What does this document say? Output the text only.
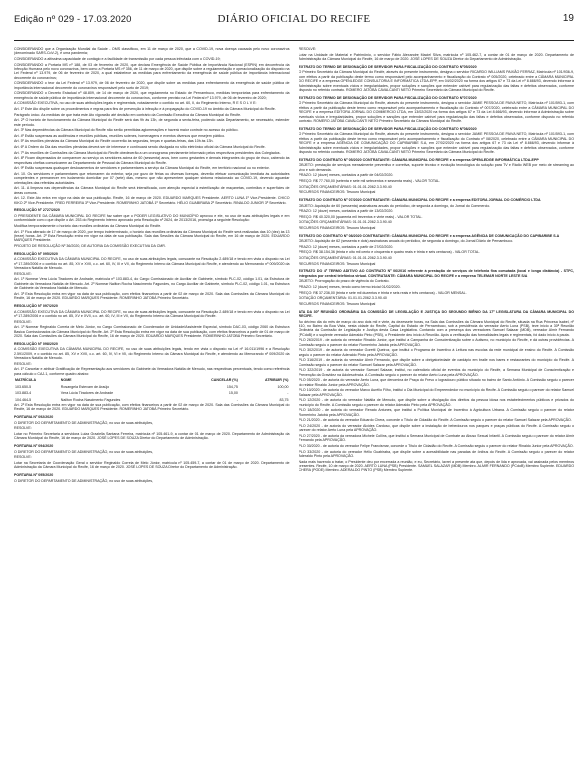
Edição nº 029 - 17.03.2020	DIÁRIO OFICIAL DO RECIFE	19

CONSIDERANDO que a Organização Mundial da Saúde - OMS classificou, em 11 de março de 2020, que a COVID-19, nova doença causada pelo novo coronavírus (denominado SARS-CoV-2), é uma pandemia;

CONSIDERANDO a altíssima capacidade de contágio e a facilidade de transmissão por cada pessoa infectada com o COVID-19;

CONSIDERANDO a Portaria MS nº 188, de 03 de fevereiro de 2020, que declara Emergência de Saúde Pública de Importância Nacional (ESPIN) em decorrência da Infecção Humana pelo novo coronavírus, bem como a Portaria MS nº 356, de 11 de março de 2020, que dispõe sobre a regulamentação e operacionalização do disposto na Lei Federal nº 13.979, de 06 de fevereiro de 2020, a qual estabelece as medidas para enfrentamento da emergência de saúde pública de importância internacional decorrente do coronavírus;

CONSIDERANDO o teor da Lei Federal nº 13.979, de 06 de fevereiro de 2020, que dispõe sobre as medidas para enfrentamento da emergência de saúde pública de importância internacional decorrente do coronavírus responsável pelo surto de 2019;

CONSIDERANDO o Decreto Estadual nº 48.809, de 14 de março de 2020, que regulamenta no Estado de Pernambuco, medidas temporárias para enfrentamento da emergência de saúde pública de importância internacional decorrente do coronavírus, conforme previsto na Lei Federal nº 13.979, de 06 de fevereiro de 2020;

A COMISSÃO EXECUTIVA, no uso de suas atribuições legais e regimentais, notadamente o contido no art. 60, II, do Regimento Interno, R E S O L V E:

Art. 1º Este Ato dispõe sobre os procedimentos e regras para fins de prevenção à infecção e à propagação do COVID-19 no âmbito da Câmara Municipal do Recife.

Parágrafo único. As medidas de que trata este Ato vigorarão até decisão em contrário da Comissão Executiva da Câmara Municipal do Recife.

Art. 2º O horário de funcionamento da Câmara Municipal do Recife será das 9h às 13h, de segunda a sexta-feira, podendo cada Departamento, se necessário, estender este período.

Art. 3º Nas dependências da Câmara Municipal do Recife não serão permitidas aglomerações e haverá maior controle no acesso do público.

Art. 4º Estão suspensas as audiências e reuniões públicas, reuniões solenes, homenagens e eventos diversos que ensejem público.

Art. 5º As reuniões plenárias da Câmara Municipal do Recife ocorrerão às segundas, terças e quartas-feiras, das 10h às 13h.

Art. 6º A Ordem do Dia das reuniões plenárias deverá ser de interesse e contínuará sendo divulgada no sítio eletrônico oficial da Câmara Municipal do Recife.

Art. 7º As reuniões de Comissões da Câmara Municipal do Recife obedecerão a um cronograma previamente informado pelos respectivos presidentes dos Colegiados.

Art. 8º Ficam dispensados de comparecer ao serviço os servidores acima de 60 (sessenta) anos, bem como gestantes e demais integrantes do grupo de risco, cabendo às respectivas chefias comunicarem ao Departamento de Pessoal da Câmara Municipal do Recife.

Art. 9º Estão suspensas quaisquer deslocamentos de servidores e parlamentares a serviço da Câmara Municipal do Recife, em território nacional ou no exterior.

Art. 10. Os servidores e parlamentares que retornarem do exterior, seja por gozo de férias ou diversas licenças, deverão efetuar comunicação imediata às autoridades competentes e permanecer em isolamento domiciliar por 07 (sete) dias, mesmo que não apresentem qualquer sintoma relacionado ao COVID-19, devendo aguardar orientações das referidas autoridades.

Art. 11. A limpeza nas dependências da Câmara Municipal do Recife será intensificada, com atenção especial à esterilização de maçanetas, corrimãos e superfícies de áreas comuns.

Art. 12. Este Ato entra em vigor na data de sua publicação. Recife, 16 de março de 2020. EDUARDO MARQUES Presidente. AERTO LUNA 1º Vice-Presidente. CHICO KIKO 2º Vice-Presidente. FRED FERREIRA 3º Vice-Presidente. ROMERINHO JATOBÁ 1º Secretário. HÉLIO GUABIRABA 2º Secretário. RINALDO JUNIOR 3º Secretário.

RESOLUÇÃO Nº 2727/2020

O PRESIDENTE DA CÂMARA MUNICIPAL DO RECIFE faz saber que o PODER LEGISLATIVO DO MUNICÍPIO aprovou e ele, no uso de suas atribuições legais e em conformidade com o que dispõe o Art. 253 do Regimento Interno aprovado pela Resolução nº 2624, de 2013/2016, promulga a seguinte Resolução:

Modifica temporariamente o horário das reuniões ordinárias da Câmara Municipal do Recife.

Art. 1º Fica alterado de 17 de março de 2020, por tempo indeterminado, o horário das reuniões ordinárias da Câmara Municipal do Recife será realizadas das 10 (dez) às 13 (treze) horas. Art. 2º Esta Resolução entra em vigor na data de sua publicação. Sala das Sessões da Câmara Municipal do Recife, em 16 de março de 2020. EDUARDO MARQUES Presidente.

PROJETO DE RESOLUÇÃO Nº 36/2020, DE AUTORIA DA COMISSÃO EXECUTIVA DA CMR.

RESOLUÇÃO Nº 095/2020

A COMISSÃO EXECUTIVA DA CÂMARA MUNICIPAL DO RECIFE, no uso de suas atribuições legais, consoante na Resolução 2.489/18 e tendo em vista o disposto na Lei nº 17.289/2006 e o contido no art. 85, XV e XVII, c.c. art. 60, IV, III e VII, do Regimento Interno da Câmara Municipal do Recife, e atendendo ao Memorando nº 009/2020 da Vereadora Natália de Menudo.

RESOLVE:

Art. 1º Nomear Vera Lúcia Tiradores de Andrade, matrícula nº 103.883-4, do Cargo Comissionado de Auxiliar de Gabinete, símbolo PLC-02, código 1.01, da Estrutura de Gabinete da Vereadora Natália de Menudo. Art. 2º Nomear Nailton Rocha Nascimento Fagundes, no Cargo Auxiliar de Gabinete, símbolo PLC-02, código 1.01, na Estrutura de Gabinete da Vereadora Natália de Menudo.

Art. 3º Esta Resolução entra em vigor na data de sua publicação, com efeitos financeiros a partir de 02 de março de 2020. Sala das Comissões da Câmara Municipal do Recife, 16 de março de 2020. EDUARDO MARQUES Presidente. ROMERINHO JATOBÁ Primeiro Secretário.

RESOLUÇÃO Nº 097/2020

A COMISSÃO EXECUTIVA DA CÂMARA MUNICIPAL DO RECIFE, no uso de suas atribuições legais, consoante na Resolução 2.489/18 e tendo em vista o disposto na Lei nº 17.289/2006 e o contido no art. 85, XV e XVII, c.c. art. 60, IV, III e VII, do Regimento Interno da Câmara Municipal do Recife.

RESOLVE:

Art. 1º Nomear Reginaldo Correia de Melo Júnior, no Cargo Comissionado de Coordenador de Unidade/Assistente Especial, símbolo DAC-03, código 2060 da Estrutura Basica Comissionados da Câmara Municipal do Recife. Art. 2º Esta Resolução entra em vigor na data de sua publicação, com efeitos financeiros a partir de 01 de março de 2020. Sala das Comissões da Câmara Municipal do Recife, 16 de março de 2020. EDUARDO MARQUES Presidente. ROMERINHO JATOBÁ Primeiro Secretário.

RESOLUÇÃO Nº 098/2020

A COMISSÃO EXECUTIVA DA CÂMARA MUNICIPAL DO RECIFE, no uso de suas atribuições legais, tendo em vista o disposto na Lei nº 16.011/1996 e a Resolução 2.591/2009, e o contido no art. 85, XV e XVII, c.c. art. 60, IV, VI e VII, do Regimento Interno da Câmara Municipal do Recife, e atendendo ao Memorando nº 009/2020 da Vereadora Natália de Menudo.

RESOLVE:

Art. 1º Cancelar e atribuir Gratificação de Representação aos servidores do Gabinete da Vereadora Natália de Menudo, nas respectivas percentuais, tendo como referência para cálculo o CAJ-1, conforme quadro abaixo:

MATRÍCULA	NOME	CANCELAR (%)	ATRIBUIR (%)
103.650-5	Rosangela Estevam de Araújo	154,75	100,00
103.883-4	Vera Lúcia Tiradores de Andrade	15,00	-
104.464-5	Nailton Rocha Nascimento Fagundes	-	83,75

Art. 2º Esta Resolução entra em vigor na data de sua publicação, com efeitos financeiros a partir de 02 de março de 2020. Sala das Comissões da Câmara Municipal do Recife, 16 de março de 2020. EDUARDO MARQUES Presidente. ROMERINHO JATOBÁ Primeiro Secretário.

PORTARIA Nº 092/2020

O DIRETOR DO DEPARTAMENTO DE ADMINISTRAÇÃO, no uso de suas atribuições,

RESOLVE:

Lotar no Primeiro Secretaria a servidora Luiza Graziella Santana Ferreira, matrícula nº 105.461-9, a contar de 01 de março de 2020. Departamento de Administração da Câmara Municipal do Recife, 16 de março de 2020. JOSÉ LOPES DE SOUZA Diretor do Departamento de Administração.

PORTARIA Nº 094/2020

O DIRETOR DO DEPARTAMENTO DE ADMINISTRAÇÃO, no uso de suas atribuições,

RESOLVE:

Lotar na Secretaria de Coordenação Geral o servidor Reginaldo Correia de Melo Júnior, matrícula nº 105.459-7, a contar de 01 de março de 2020. Departamento de Administração da Câmara Municipal do Recife, 16 de março de 2020. JOSÉ LOPES DE SOUZA Diretor do Departamento de Administração.

PORTARIA Nº 095/2020

O DIRETOR DO DEPARTAMENTO DE ADMINISTRAÇÃO, no uso de suas atribuições,

RESOLVE:

Lotar na Unidade de Material e Patrimônio, o servidor Fábio Alexandre Maciel Silva, matrícula nº 105.462-7, a contar de 01 de março de 2020. Departamento de Administração da Câmara Municipal do Recife, 16 de março de 2020. JOSÉ LOPES DE SOUZA Diretor do Departamento de Administração.

EXTRATO DO TERMO DE DESIGNAÇÃO DE SERVIDOR PARA FISCALIZAÇÃO DO CONTRATO Nº05/2020

O Primeiro Secretário da Câmara Municipal do Recife, através do presente instrumento, designa o servidor RICARDO WILLIAMS PAIXÃO FERRAZ, Matrícula nº 101/936-9, com efeitos a partir da publicação deste termo como responsável pelo acompanhamento e fiscalização do Contrato nº 005/2020, celebrado entre a CÂMARA MUNICIPAL DO RECIFE e a empresa OPENLEDGE CONSULTORIA E INFORMÁTICA LTDA-EPP, em 04/02/2020 na forma dos artigos 67 e 73 da Lei nº 8.666/93, devendo informar à Administração sobre eventuais vícios e irregularidades, propor soluções e sanções que entender cabível para regularização das faltas e defeitos observados, conforme disposto no referido contrato. ROMERO JATOBÁ CAVALCANTI NETO Primeiro Secretário da Câmara Municipal do Recife.

EXTRATO DO TERMO DE DESIGNAÇÃO DE SERVIDOR PARA FISCALIZAÇÃO DO CONTRATO Nº07/2020

O Primeiro Secretário da Câmara Municipal do Recife, através do presente instrumento, designa o servidor JAMIE PESSOA DE PAIVA NETO, Matrícula nº 101/593-1, com efeitos a partir da publicação deste termo como responsável pelo acompanhamento e fiscalização do Contrato nº 007/2020, celebrado entre a CÂMARA MUNICIPAL DO RECIFE e a empresa EDITORA JORNAL DO COMMERCIO LTDA, em 13/02/2020 na forma dos artigos 67 e 73 da Lei 8.666/93, devendo informar à Administração sobre eventuais vícios e irregularidades, propor soluções e sanções que entender cabível para regularização das faltas e defeitos observados, conforme disposto no referido contrato. ROMERO JATOBÁ CAVALCANTI NETO Primeiro Secretário da Câmara Municipal do Recife.

EXTRATO DO TERMO DE DESIGNAÇÃO DE SERVIDOR PARA FISCALIZAÇÃO DO CONTRATO Nº08/2020

O Primeiro Secretário da Câmara Municipal do Recife, através do presente instrumento, designa o servidor JAMIE PESSOA DE PAIVA NETO, Matrícula nº 101/593-1, com efeitos a partir da publicação deste termo como responsável pelo acompanhamento e fiscalização do Contrato nº 08/2020, celebrado entre a CÂMARA MUNICIPAL DO RECIFE e a empresa AGÊNCIA DE COMUNICAÇÃO DO CAPIBARIBE S.A, em 27/02/2020 na forma dos artigos 67 e 73 da Lei nº 8.666/93, devendo informar à Administração sobre eventuais vícios e irregularidades, propor soluções e sanções que entender cabível para regularização das faltas e defeitos observados, conforme disposto no referido contrato. ROMERO JATOBÁ CAVALCANTI NETO Primeiro Secretário da Câmara Municipal do Recife.

EXTRATO DO CONTRATO Nº 05/2020 CONTRATANTE: CÂMARA MUNICIPAL DO RECIFE e a empresa OPENLEDGE INFORMÁTICA LTDA-EPP

OBJETO: prestação de serviços mensalmente preventivo e corretiva, suporte técnico e evolução tecnológica do solução para TV e Rádio WEB por meio de streaming ao vivo e sob demanda.

PRAZO: 12 (doze) meses, contados a partir de 04/02/2020.

PREÇO: R$ 77.760,00 (setenta e sete mil setecentos e sessenta reais) - VALOR TOTAL.

DOTAÇÕES ORÇAMENTÁRIAS: 01.01.01.2062.3.3.90.40

RECURSOS FINANCEIROS: Tesouro Municipal

EXTRATO DO CONTRATO Nº 07/2020 CONTRATANTE: CÂMARA MUNICIPAL DO RECIFE e a empresa EDITORA JORNAL DO COMÉRCIO LTDA

OBJETO: Aquisição de 60 (sessenta) assinaturas anuais do periódico, de segunda a domingo, do Jornal do Commercio.

PRAZO: 12 (doze) meses, contados a partir de 13/02/2020.

PREÇO: R$ 40.320,00 (quarenta mil trezentos e vinte reais) - VALOR TOTAL.

DOTAÇÕES ORÇAMENTÁRIAS: 01.01.01.2062.3.3.90.40

RECURSOS FINANCEIROS: Tesouro Municipal

EXTRATO DO CONTRATO Nº 08/2020 CONTRATANTE: CÂMARA MUNICIPAL DO RECIFE e a empresa AGÊNCIA DE COMUNICAÇÃO DO CAPIBARIBE S.A

OBJETO: Aquisição de 62 (sessenta e dois) assinaturas anuais do periódico, de segunda a domingo, do Jornal Diário de Pernambuco.

PRAZO: 12 (doze) meses, contados a partir de 27/02/2020.

PREÇO: R$ 38.154,36 (trinta e oito mil cento e cinquenta e quatro reais e trinta e seis centavos) - VALOR TOTAL.

DOTAÇÕES ORÇAMENTÁRIAS: 01.01.01.2062.3.3.90.40

RECURSOS FINANCEIROS: Tesouro Municipal

EXTRATO DO 4º TERMO ADITIVO AO CONTRATO Nº 06/2016 referente à prestação de serviços de telefonia fixa comutada (local e longa distância) - STFC, integrados por central telefônica virtual. CONTRATANTE: CÂMARA MUNICIPAL DO RECIFE e a empresa TELEMAR NORTE LESTE S/A

OBJETO: Prorrogação do prazo de vigência do Contrato.

PRAZO: 12 (doze) meses, tendo como termo inicial 01/02/2020.

PREÇO: R$ 37.236,00 (trinta e sete mil duzentos e trinta e seis reais e três centavos) - VALOR MENSAL.

DOTAÇÃO ORÇAMENTÁRIA: 01.01.01.2062.3.3.90.40

RECURSOS FINANCEIROS: Tesouro Municipal

ATA DA 30ª REUNIÃO ORDINÁRIA DA COMISSÃO DE LEGISLAÇÃO E JUSTIÇA DO SEGUNDO BIÊNIO DA 17ª LEGISLATURA DA CÂMARA MUNICIPAL DO RECIFE.

Ao décimo dia do mês de março do ano dois mil e vinte, às dezessete horas, na Sala das Comissões da Câmara Municipal do Recife, situada na Rua Princesa Isabel, nº 410, no Bairro da Boa Vista, nesta cidade do Recife, Capital do Estado de Pernambuco, sob a presidência do vereador Aerto Luna (PSB), teve início a 30ª Reunião Ordinária da Comissão de Legislação e Justiça desta Casa Legislativa. Contando com a presença dos vereadores Samuel Salazar (MDB), vereador Almir Fernando (PCdoB) e o suplente vereador Aderaldo Pinto (PSB), o Presidente deu início à Reunião. Após a verificação das formalidades legais e regimentais, foi dado início à pauta.

PLO 263/2019 - de autoria do vereador Rinaldo Junior, que institui a Campanha de Conscientização sobre o Autismo, no município do Recife, e dá outras providências. A Comissão seguiu o parecer do relator Romerinho Jatobá pela APROVAÇÃO.

PLO 302/2019 - de autoria do vereador Goretti Queiroz, que institui o Programa de Incentivo à Leitura nas escolas da rede municipal de ensino do Recife. A Comissão seguiu o parecer do relator Aderaldo Pinto pela APROVAÇÃO.

PLO 316/2019 - de autoria do vereador Almir Fernando, que dispõe sobre a obrigatoriedade de cardápio em braile nos bares e restaurantes do município do Recife. A Comissão seguiu o parecer do relator Samuel Salazar pela APROVAÇÃO.

PLO 322/2019 - de autoria do vereador Samuel Salazar, institui, no calendário oficial de eventos do município do Recife, a Semana Municipal de Conscientização e Prevenção da Gravidez na Adolescência. A Comissão seguiu o parecer do relator Aerto Luna pela APROVAÇÃO.

PLO 05/2020 - de autoria do vereador Aerto Luna, que denomina de Praça do Frevo o logradouro público situado no bairro de Santo Antônio. A Comissão seguiu o parecer do relator Rinaldo Junior pela APROVAÇÃO.

PLO 10/2020 - de autoria do vereador Marco Aurélio Filho, institui o Dia Municipal do Empreendedor no município do Recife. A Comissão seguiu o parecer do relator Samuel Salazar pela APROVAÇÃO.

PLO 12/2020 - de autoria do vereador Natália de Menudo, que dispõe sobre a divulgação dos direitos da pessoa idosa nos estabelecimentos públicos e privados do município do Recife. A Comissão seguiu o parecer do relator Aderaldo Pinto pela APROVAÇÃO.

PLO 18/2020 - de autoria do vereador Renato Antunes, que institui a Política Municipal de Incentivo à Agricultura Urbana. A Comissão seguiu o parecer do relator Romerinho Jatobá pela APROVAÇÃO.

PLO 21/2020 - de autoria do vereador Eduardo Chera, concede o Título de Cidadão do Recife. A Comissão seguiu o parecer do relator Samuel Salazar pela APROVAÇÃO.

PLO 24/2020 - de autoria do vereador Alcides Cardoso, que dispõe sobre a instalação de bebedouros nos parques e praças públicas do Recife. A Comissão seguiu o parecer do relator Aerto Luna pela APROVAÇÃO.

PLO 27/2020 - de autoria da vereadora Michele Collins, que institui a Semana Municipal de Combate ao Abuso Sexual Infantil. A Comissão seguiu o parecer do relator Almir Fernando pela APROVAÇÃO.

PLO 30/2020 - de autoria do vereador Felipe Francismar, concede o Título de Cidadão do Recife. A Comissão seguiu o parecer do relator Rinaldo Junior pela APROVAÇÃO.

PLO 33/2020 - de autoria do vereador Hélio Guabiraba, que dispõe sobre a acessibilidade nas paradas de ônibus do Recife. A Comissão seguiu o parecer do relator Aderaldo Pinto pela APROVAÇÃO.

Nada mais havendo a tratar, o Presidente deu por encerrada a reunião, e eu, Secretário, lavrei a presente ata que, depois de lida e aprovada, vai assinada pelos membros presentes. Recife, 10 de março de 2020. AERTO LUNA (PSB) Presidente. SAMUEL SALAZAR (MDB) Membro. ALMIR FERNANDO (PCdoB) Membro Suplente. EDUARDO CHERA (PODE) Membro. ADERALDO PINTO (PSB) Membro Suplente.
